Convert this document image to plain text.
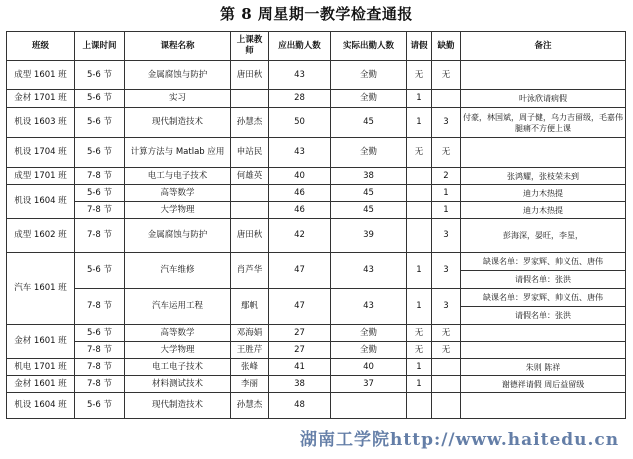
第 8 周星期一教学检查通报
班级	上课时间	课程名称	上课教师	应出勤人数	实际出勤人数	请假	缺勤	备注
成型 1601 班	5-6 节	金属腐蚀与防护	唐田秋	43	全勤	无	无	
金材 1701 班	5-6 节	实习		28	全勤	1		叶泳欣请病假
机设 1603 班	5-6 节	现代制造技术	孙慧杰	50	45	1	3	付豪，林国斌，周子健，乌力吉留级，毛嘉伟腿痛不方便上课
机设 1704 班	5-6 节	计算方法与 Matlab 应用	申站民	43	全勤	无	无	
成型 1701 班	7-8 节	电工与电子技术	何雄英	40	38		2	张鸿耀，张枝荣未到
机设 1604 班	5-6 节	高等数学		46	45		1	迪力木热提
	7-8 节	大学物理		46	45		1	迪力木热提
成型 1602 班	7-8 节	金属腐蚀与防护	唐田秋	42	39		3	彭海深，晏旺，李星，
汽车 1601 班	5-6 节	汽车维修	肖芦华	47	43	1	3	缺课名单：罗家辉、帅义伍、唐伟
								请假名单：张洪
	7-8 节	汽车运用工程	鄢帆	47	43	1	3	缺课名单：罗家辉、帅义伍、唐伟
								请假名单：张洪
金材 1601 班	5-6 节	高等数学	邓海娟	27	全勤	无	无	
	7-8 节	大学物理	王胜芹	27	全勤	无	无	
机电 1701 班	7-8 节	电工电子技术	张峰	41	40	1		朱则 陈祥
金材 1601 班	7-8 节	材料测试技术	李丽	38	37	1		谢德祥请假 周后益留级
机设 1604 班	5-6 节	现代制造技术	孙慧杰	48				
湖南工学院http://www.haitedu.cn
